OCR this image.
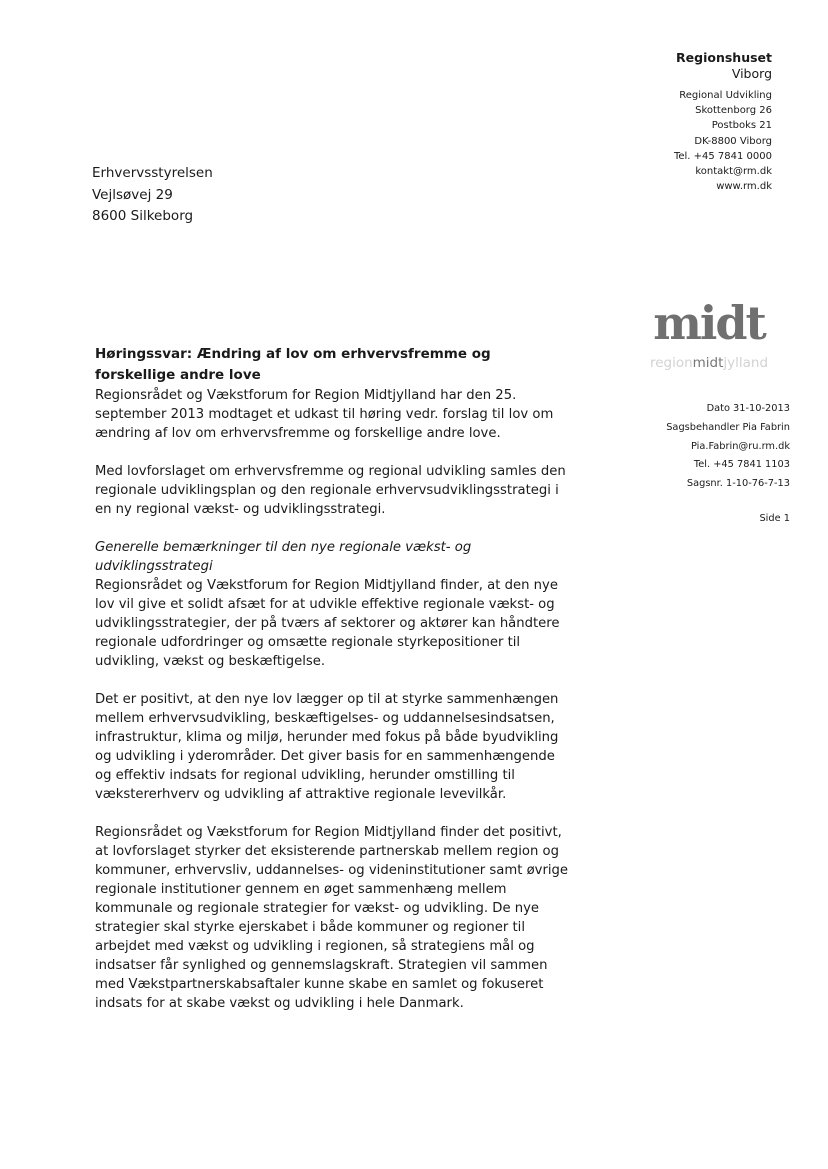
Regionshuset
Viborg
Regional Udvikling
Skottenborg 26
Postboks 21
DK-8800 Viborg
Tel. +45 7841 0000
kontakt@rm.dk
www.rm.dk
Erhvervsstyrelsen
Vejlsøvej 29
8600 Silkeborg
midt
regionmidtjylland
Dato 31-10-2013
Sagsbehandler Pia Fabrin
Pia.Fabrin@ru.rm.dk
Tel. +45 7841 1103
Sagsnr. 1-10-76-7-13
Side 1
Høringssvar: Ændring af lov om erhvervsfremme og forskellige andre love

Regionsrådet og Vækstforum for Region Midtjylland har den 25. september 2013 modtaget et udkast til høring vedr. forslag til lov om ændring af lov om erhvervsfremme og forskellige andre love.

Med lovforslaget om erhvervsfremme og regional udvikling samles den regionale udviklingsplan og den regionale erhvervsudviklingsstrategi i en ny regional vækst- og udviklingsstrategi.

Generelle bemærkninger til den nye regionale vækst- og udviklingsstrategi

Regionsrådet og Vækstforum for Region Midtjylland finder, at den nye lov vil give et solidt afsæt for at udvikle effektive regionale vækst- og udviklingsstrategier, der på tværs af sektorer og aktører kan håndtere regionale udfordringer og omsætte regionale styrkepositioner til udvikling, vækst og beskæftigelse.

Det er positivt, at den nye lov lægger op til at styrke sammenhængen mellem erhvervsudvikling, beskæftigelses- og uddannelsesindsatsen, infrastruktur, klima og miljø, herunder med fokus på både byudvikling og udvikling i yderområder. Det giver basis for en sammenhængende og effektiv indsats for regional udvikling, herunder omstilling til vækstererhverv og udvikling af attraktive regionale levevilkår.

Regionsrådet og Vækstforum for Region Midtjylland finder det positivt, at lovforslaget styrker det eksisterende partnerskab mellem region og kommuner, erhvervsliv, uddannelses- og videninstitutioner samt øvrige regionale institutioner gennem en øget sammenhæng mellem kommunale og regionale strategier for vækst- og udvikling. De nye strategier skal styrke ejerskabet i både kommuner og regioner til arbejdet med vækst og udvikling i regionen, så strategiens mål og indsatser får synlighed og gennemslagskraft. Strategien vil sammen med Vækstpartnerskabsaftaler kunne skabe en samlet og fokuseret indsats for at skabe vækst og udvikling i hele Danmark.
